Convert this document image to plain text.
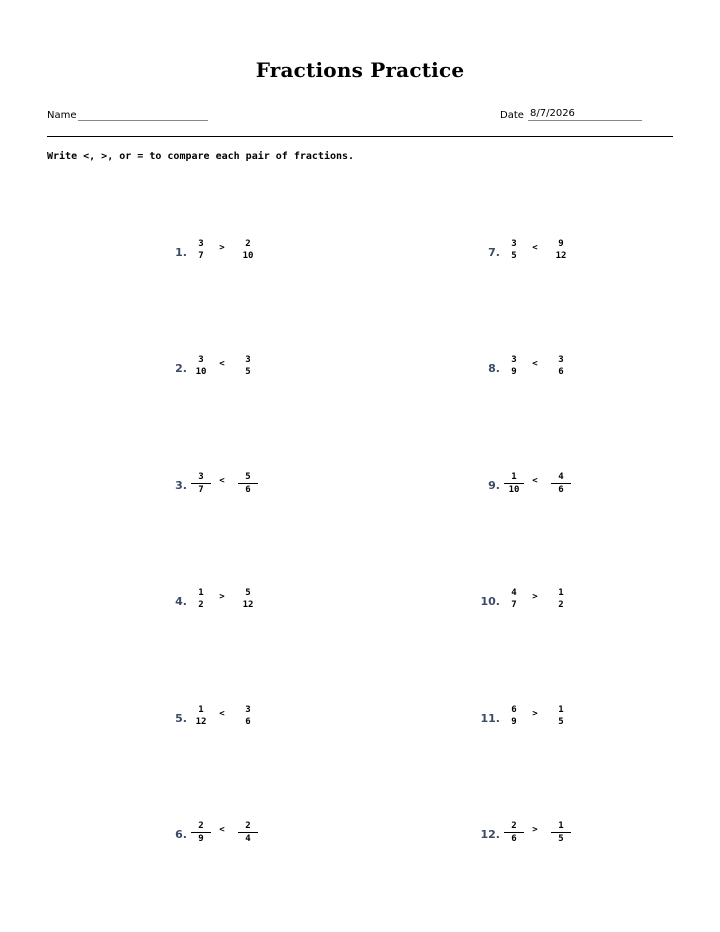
Fractions Practice
Name	Date 8/7/2026
Write <, >, or = to compare each pair of fractions.
1.
3
7
>	2
10
2.
3
10
<	3
5
3. $\frac{3}{7} < \frac{5}{6}$
4.
1
2
>	5
12
5.
1
12
<	3
6
6. $\frac{2}{9} < \frac{2}{4}$
7.
3
5
<	9
12
8.
3
9
<	3
6
9. $\frac{1}{10} < \frac{4}{6}$
10.
4
7
>	1
2
11.
6
9
>	1
5
12. $\frac{2}{6} > \frac{1}{5}$
